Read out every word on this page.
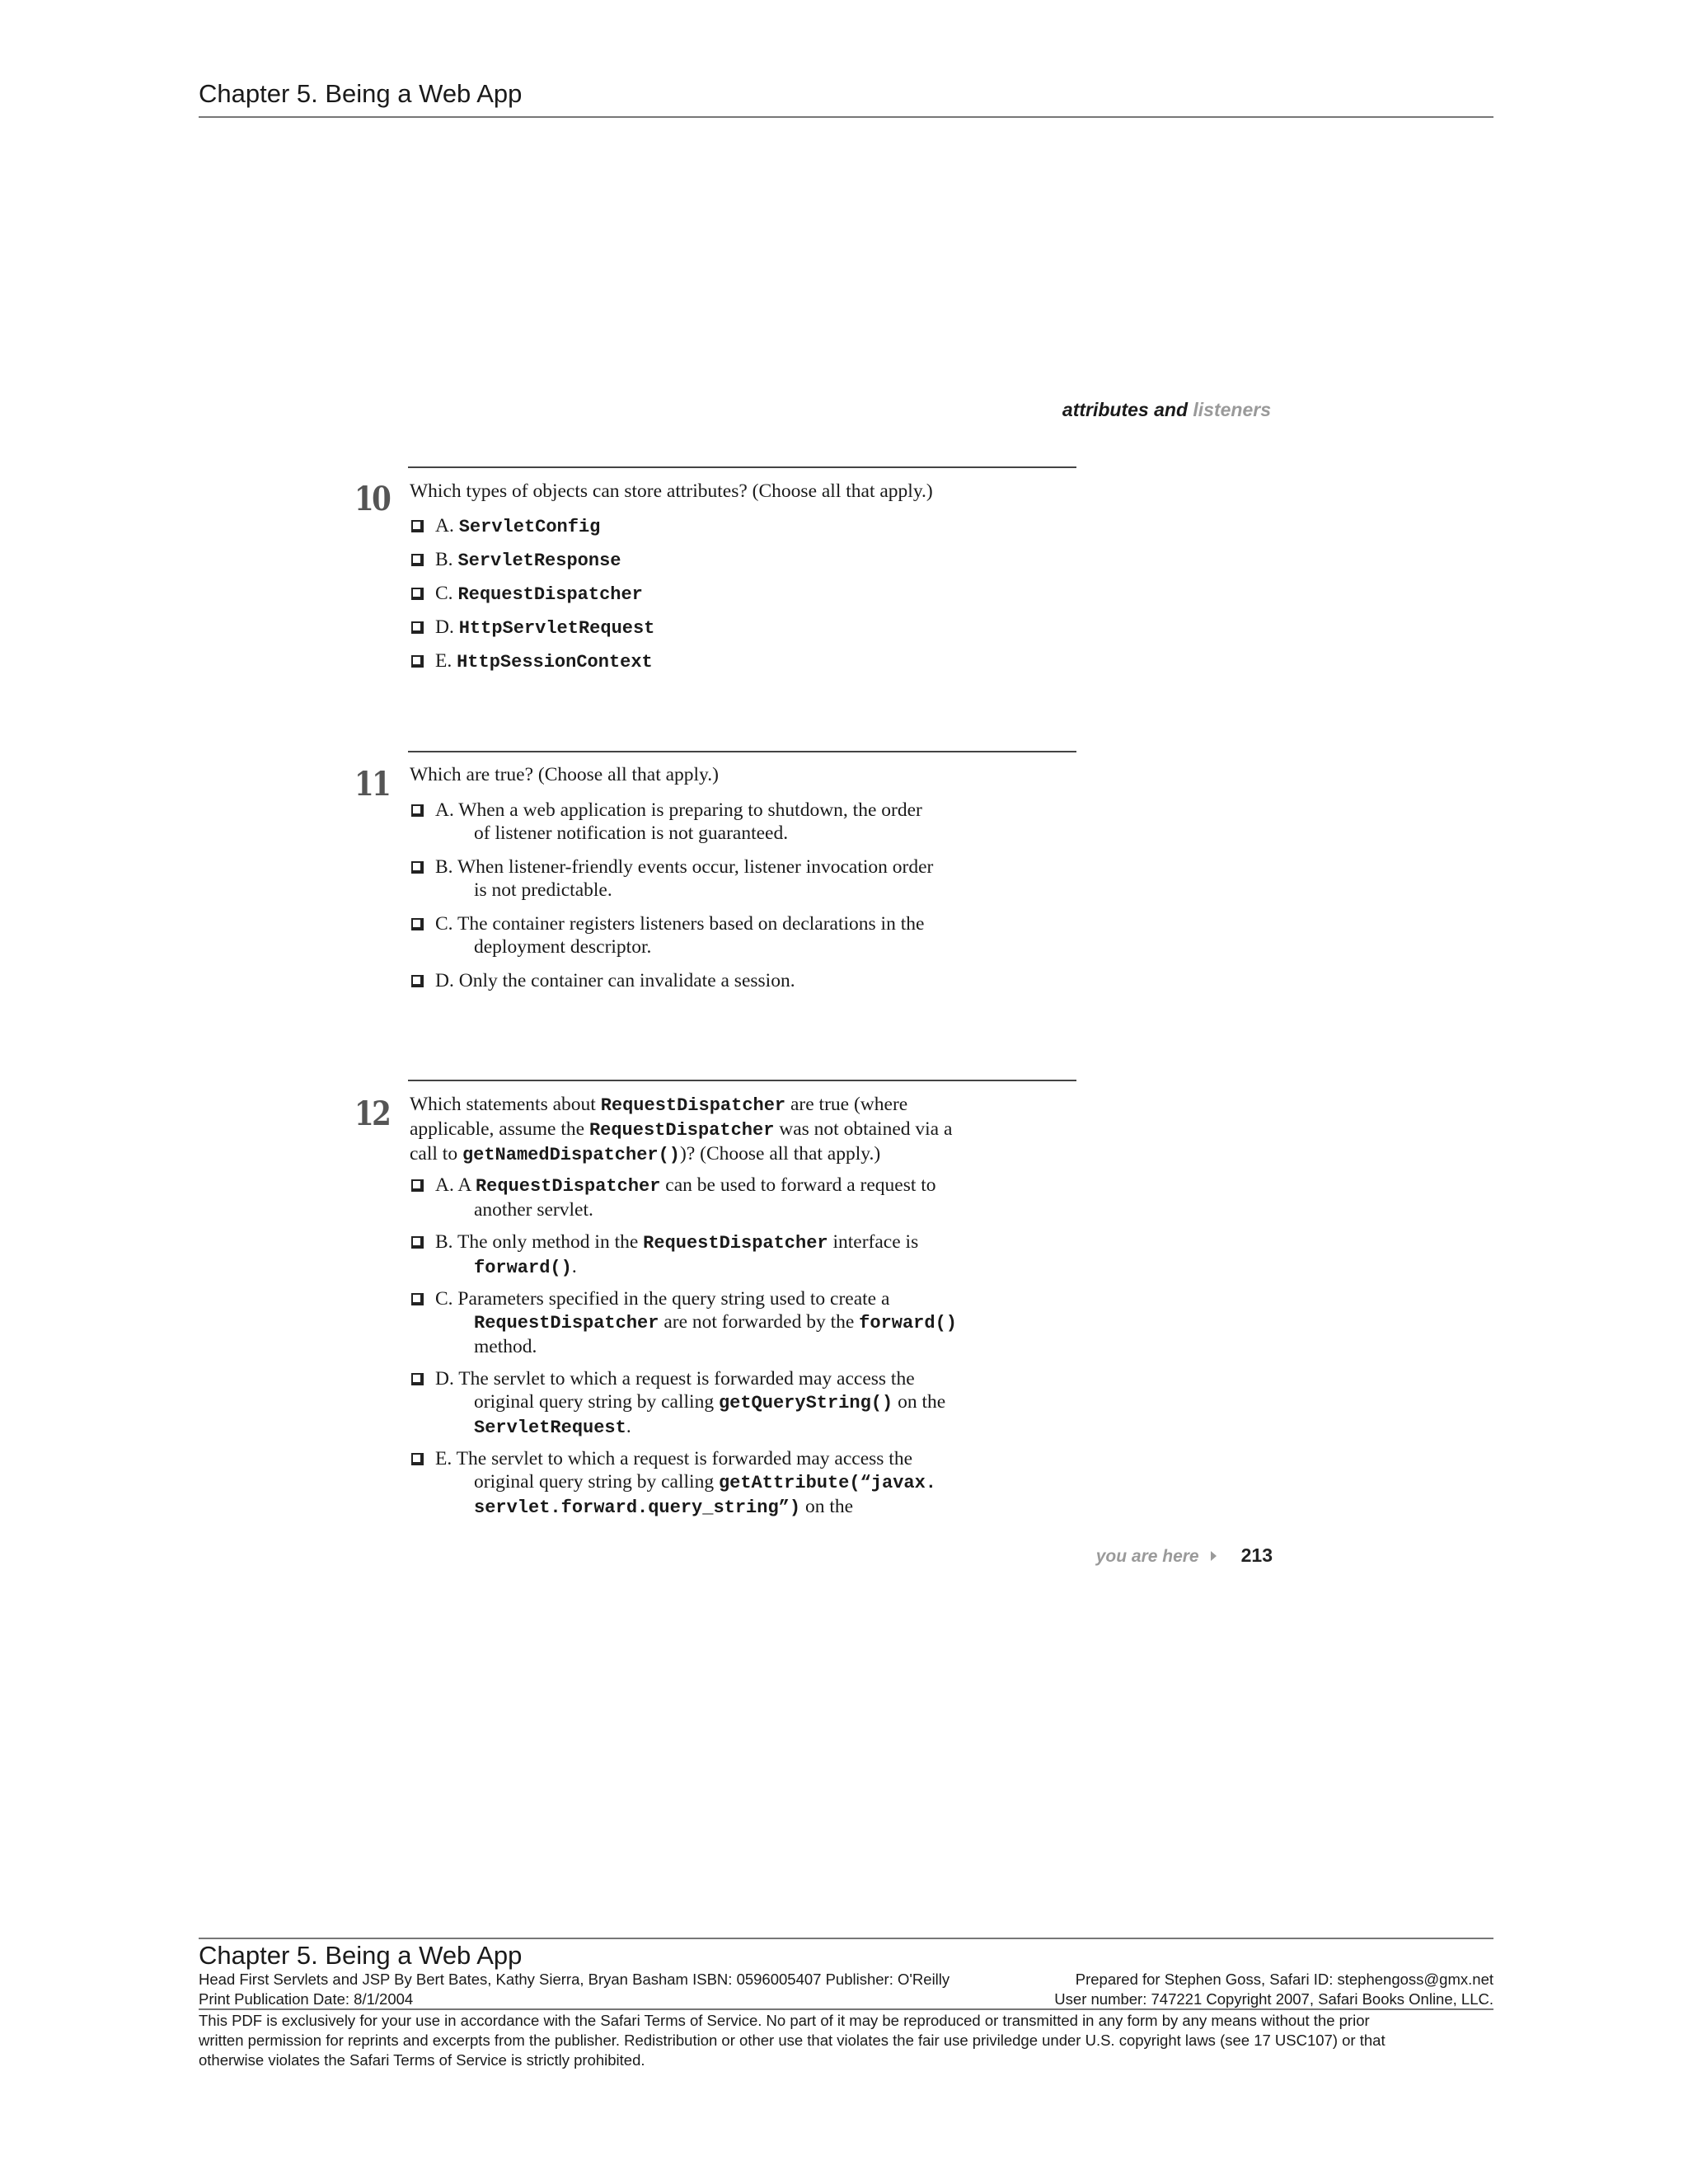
Chapter 5. Being a Web App
attributes and listeners
10 Which types of objects can store attributes? (Choose all that apply.)
A. ServletConfig
B. ServletResponse
C. RequestDispatcher
D. HttpServletRequest
E. HttpSessionContext
11 Which are true? (Choose all that apply.)
A. When a web application is preparing to shutdown, the order
of listener notification is not guaranteed.
B. When listener-friendly events occur, listener invocation order
is not predictable.
C. The container registers listeners based on declarations in the
deployment descriptor.
D. Only the container can invalidate a session.
12 Which statements about RequestDispatcher are true (where
applicable, assume the RequestDispatcher was not obtained via a
call to getNamedDispatcher())? (Choose all that apply.)
A. A RequestDispatcher can be used to forward a request to
another servlet.
B. The only method in the RequestDispatcher interface is
forward().
C. Parameters specified in the query string used to create a
RequestDispatcher are not forwarded by the forward()
method.
D. The servlet to which a request is forwarded may access the
original query string by calling getQueryString() on the
ServletRequest.
E. The servlet to which a request is forwarded may access the
original query string by calling getAttribute(“javax.
servlet.forward.query_string”) on the
you are here 213
Chapter 5. Being a Web App
Head First Servlets and JSP By Bert Bates, Kathy Sierra, Bryan Basham ISBN: 0596005407 Publisher: O'Reilly	Prepared for Stephen Goss, Safari ID: stephengoss@gmx.net
Print Publication Date: 8/1/2004	User number: 747221 Copyright 2007, Safari Books Online, LLC.
This PDF is exclusively for your use in accordance with the Safari Terms of Service. No part of it may be reproduced or transmitted in any form by any means without the prior
written permission for reprints and excerpts from the publisher. Redistribution or other use that violates the fair use priviledge under U.S. copyright laws (see 17 USC107) or that
otherwise violates the Safari Terms of Service is strictly prohibited.
